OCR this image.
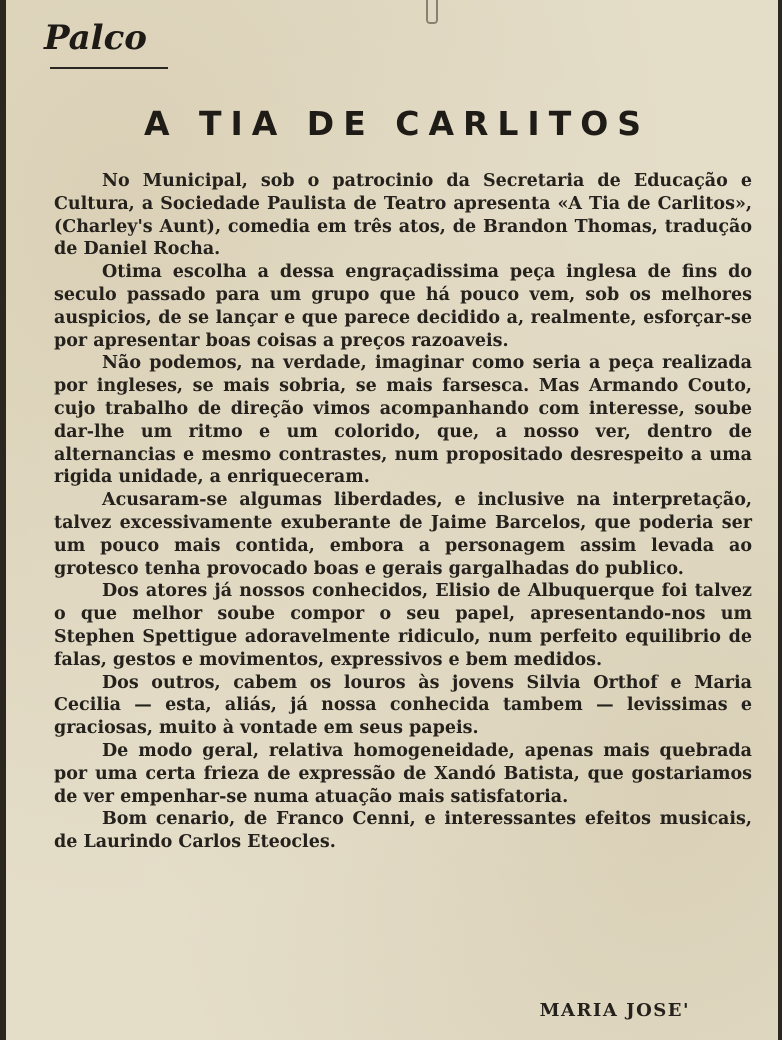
Palco
A TIA DE CARLITOS

No Municipal, sob o patrocinio da Secretaria de Educação e Cultura, a Sociedade Paulista de Teatro apresenta «A Tia de Carlitos», (Charley's Aunt), comedia em três atos, de Brandon Thomas, tradução de Daniel Rocha.

Otima escolha a dessa engraçadissima peça inglesa de fins do seculo passado para um grupo que há pouco vem, sob os melhores auspicios, de se lançar e que parece decidido a, realmente, esforçar-se por apresentar boas coisas a preços razoaveis.

Não podemos, na verdade, imaginar como seria a peça realizada por ingleses, se mais sobria, se mais farsesca. Mas Armando Couto, cujo trabalho de direção vimos acompanhando com interesse, soube dar-lhe um ritmo e um colorido, que, a nosso ver, dentro de alternancias e mesmo contrastes, num propositado desrespeito a uma rigida unidade, a enriqueceram.

Acusaram-se algumas liberdades, e inclusive na interpretação, talvez excessivamente exuberante de Jaime Barcelos, que poderia ser um pouco mais contida, embora a personagem assim levada ao grotesco tenha provocado boas e gerais gargalhadas do publico.

Dos atores já nossos conhecidos, Elisio de Albuquerque foi talvez o que melhor soube compor o seu papel, apresentando-nos um Stephen Spettigue adoravelmente ridiculo, num perfeito equilibrio de falas, gestos e movimentos, expressivos e bem medidos.

Dos outros, cabem os louros às jovens Silvia Orthof e Maria Cecilia — esta, aliás, já nossa conhecida tambem — levissimas e graciosas, muito à vontade em seus papeis.

De modo geral, relativa homogeneidade, apenas mais quebrada por uma certa frieza de expressão de Xandó Batista, que gostariamos de ver empenhar-se numa atuação mais satisfatoria.

Bom cenario, de Franco Cenni, e interessantes efeitos musicais, de Laurindo Carlos Eteocles.

MARIA JOSE'
